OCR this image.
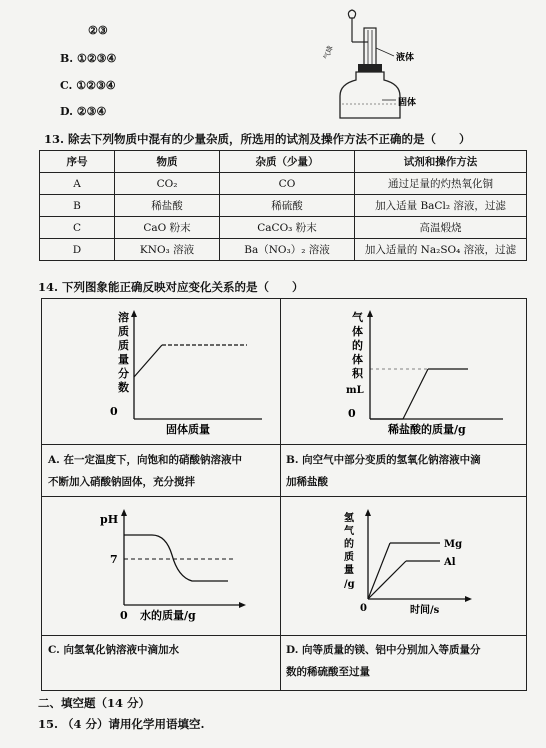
②③
B. ①②③④
C. ①②③④
D. ②③④
气球	液体
固体
13. 除去下列物质中混有的少量杂质，所选用的试剂及操作方法不正确的是（　　）
序号	物质	杂质（少量）	试剂和操作方法
A	CO₂	CO	通过足量的灼热氧化铜
B	稀盐酸	稀硫酸	加入适量 BaCl₂ 溶液，过滤
C	CaO 粉末	CaCO₃ 粉末	高温煅烧
D	KNO₃ 溶液	Ba（NO₃）₂ 溶液	加入适量的 Na₂SO₄ 溶液，过滤
14. 下列图象能正确反映对应变化关系的是（　　）
0
固体质量
溶质质 量分数
0
稀盐酸的质量/g
气体的 体积
mL
A. 在一定温度下，向饱和的硝酸钠溶液中
不断加入硝酸钠固体，充分搅拌
B. 向空气中部分变质的氢氧化钠溶液中滴
加稀盐酸
pH
7
0 水的质量/g
Mg
Al
氢气的 质量
/g
0	时间/s
C. 向氢氧化钠溶液中滴加水	D. 向等质量的镁、铝中分别加入等质量分
数的稀硫酸至过量
二、填空题（14 分）
15. （4 分）请用化学用语填空.
